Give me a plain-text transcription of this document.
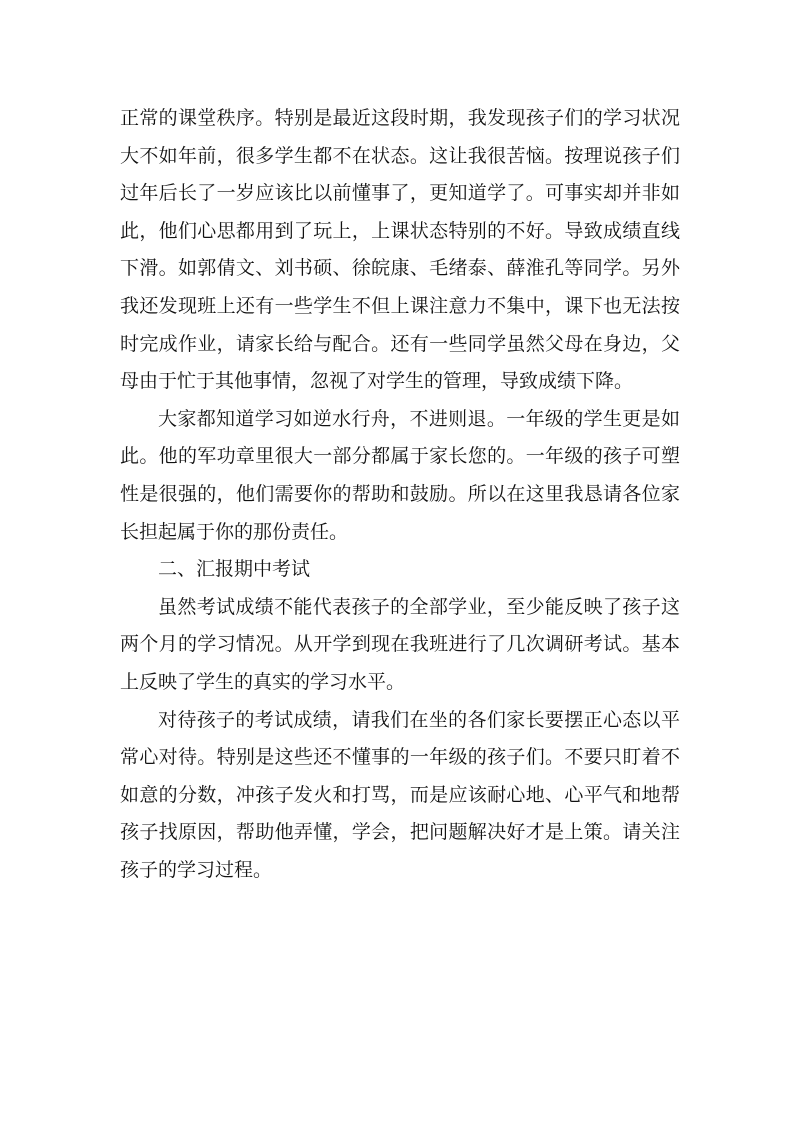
正常的课堂秩序。特别是最近这段时期，我发现孩子们的学习状况大不如年前，很多学生都不在状态。这让我很苦恼。按理说孩子们过年后长了一岁应该比以前懂事了，更知道学了。可事实却并非如此，他们心思都用到了玩上，上课状态特别的不好。导致成绩直线下滑。如郭倩文、刘书硕、徐皖康、毛绪泰、薛淮孔等同学。另外我还发现班上还有一些学生不但上课注意力不集中，课下也无法按时完成作业，请家长给与配合。还有一些同学虽然父母在身边，父母由于忙于其他事情，忽视了对学生的管理，导致成绩下降。

大家都知道学习如逆水行舟，不进则退。一年级的学生更是如此。他的军功章里很大一部分都属于家长您的。一年级的孩子可塑性是很强的，他们需要你的帮助和鼓励。所以在这里我恳请各位家长担起属于你的那份责任。

二、汇报期中考试

虽然考试成绩不能代表孩子的全部学业，至少能反映了孩子这两个月的学习情况。从开学到现在我班进行了几次调研考试。基本上反映了学生的真实的学习水平。

对待孩子的考试成绩，请我们在坐的各们家长要摆正心态以平常心对待。特别是这些还不懂事的一年级的孩子们。不要只盯着不如意的分数，冲孩子发火和打骂，而是应该耐心地、心平气和地帮孩子找原因，帮助他弄懂，学会，把问题解决好才是上策。请关注孩子的学习过程。
